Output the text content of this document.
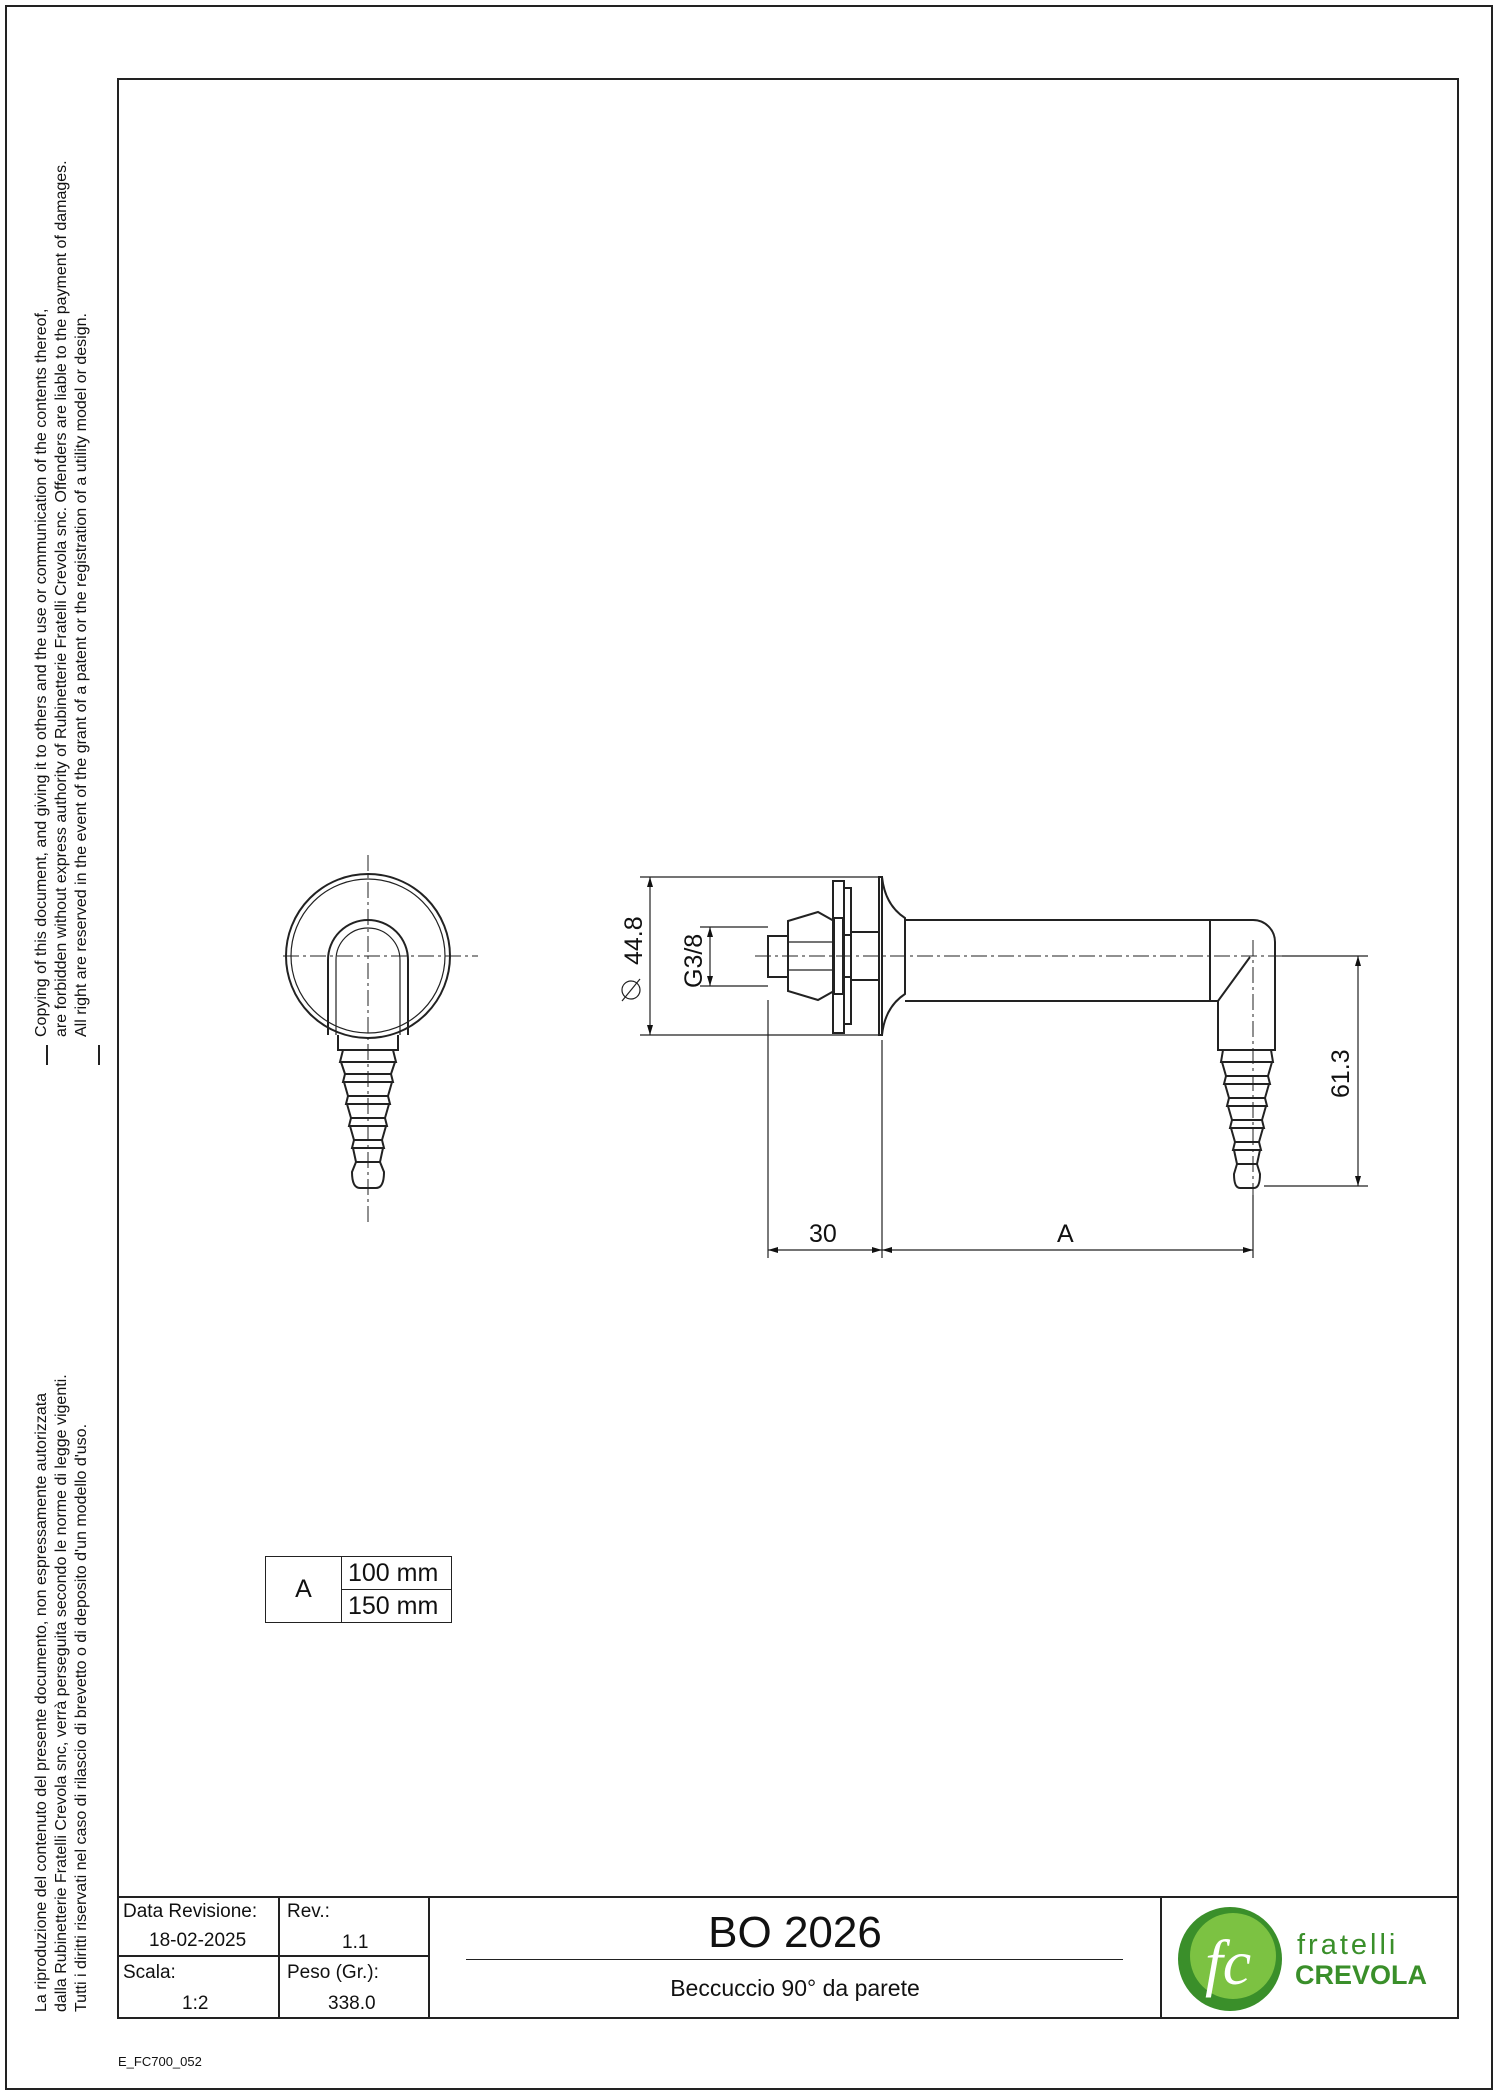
Copying of this document, and giving it to others and the use or communication of the contents thereof, are forbidden without express authority of Rubinetterie Fratelli Crevola snc. Offenders are liable to the payment of damages. All right are reserved in the event of the grant of a patent or the registration of a utility model or design.
La riproduzione del contenuto del presente documento, non espressamente autorizzata dalla Rubinetterie Fratelli Crevola snc, verrà perseguita secondo le norme di legge vigenti. Tutti i diritti riservati nel caso di rilascio di brevetto o di deposito d'un modello d'uso.
44.8 G3/8
61.3
30	A
A	100 mm
150 mm
Data Revisione:
18-02-2025
Rev.:
1.1
Scala:
1:2
Peso (Gr.):
338.0
BO 2026
Beccuccio 90° da parete	fc fratelli
CREVOLA
E_FC700_052
